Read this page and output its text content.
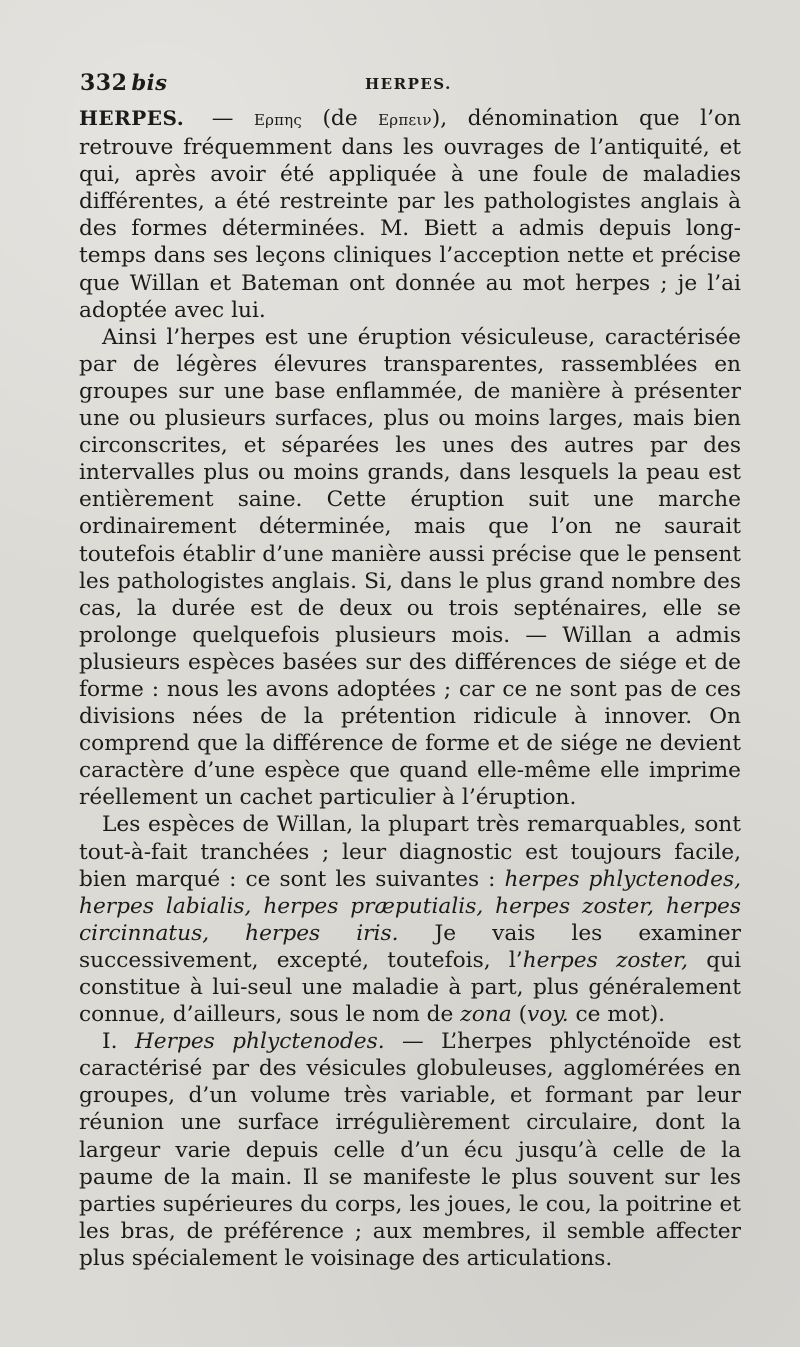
332 bis	HERPES.

HERPES. — Ερπης (de Ερπειν), dénomination que l’on retrouve fréquemment dans les ouvrages de l’antiquité, et qui, après avoir été appliquée à une foule de maladies différentes, a été restreinte par les pathologistes anglais à des formes déterminées. M. Biett a admis depuis long-temps dans ses leçons cliniques l’acception nette et précise que Willan et Bateman ont donnée au mot herpes ; je l’ai adoptée avec lui.

Ainsi l’herpes est une éruption vésiculeuse, caractérisée par de légères élevures transparentes, rassemblées en groupes sur une base enflammée, de manière à présenter une ou plusieurs surfaces, plus ou moins larges, mais bien circonscrites, et séparées les unes des autres par des intervalles plus ou moins grands, dans lesquels la peau est entièrement saine. Cette éruption suit une marche ordinairement déterminée, mais que l’on ne saurait toutefois établir d’une manière aussi précise que le pensent les pathologistes anglais. Si, dans le plus grand nombre des cas, la durée est de deux ou trois septénaires, elle se prolonge quelquefois plusieurs mois. — Willan a admis plusieurs espèces basées sur des différences de siége et de forme : nous les avons adoptées ; car ce ne sont pas de ces divisions nées de la prétention ridicule à innover. On comprend que la différence de forme et de siége ne devient caractère d’une espèce que quand elle-même elle imprime réellement un cachet particulier à l’éruption.

Les espèces de Willan, la plupart très remarquables, sont tout-à-fait tranchées ; leur diagnostic est toujours facile, bien marqué : ce sont les suivantes : herpes phlyctenodes, herpes labialis, herpes præputialis, herpes zoster, herpes circinnatus, herpes iris. Je vais les examiner successivement, excepté, toutefois, l’herpes zoster, qui constitue à lui-seul une maladie à part, plus généralement connue, d’ailleurs, sous le nom de zona (voy. ce mot).

I. Herpes phlyctenodes. — L’herpes phlycténoïde est caractérisé par des vésicules globuleuses, agglomérées en groupes, d’un volume très variable, et formant par leur réunion une surface irrégulièrement circulaire, dont la largeur varie depuis celle d’un écu jusqu’à celle de la paume de la main. Il se manifeste le plus souvent sur les parties supérieures du corps, les joues, le cou, la poitrine et les bras, de préférence ; aux membres, il semble affecter plus spécialement le voisinage des articulations.
